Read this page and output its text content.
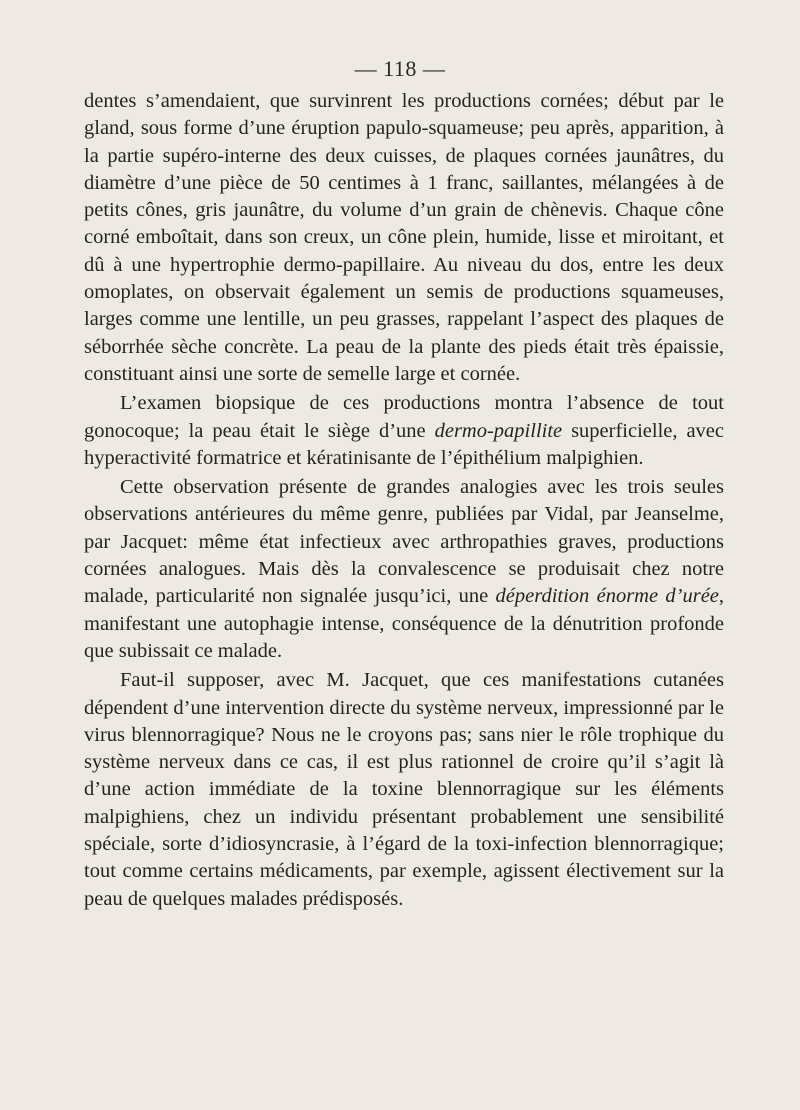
— 118 —

dentes s’amendaient, que survinrent les productions cornées; début par le gland, sous forme d’une éruption papulo-squameuse; peu après, apparition, à la partie supéro-interne des deux cuisses, de plaques cornées jaunâtres, du diamètre d’une pièce de 50 centimes à 1 franc, saillantes, mélangées à de petits cônes, gris jaunâtre, du volume d’un grain de chènevis. Chaque cône corné emboîtait, dans son creux, un cône plein, humide, lisse et miroitant, et dû à une hypertrophie dermo-papillaire. Au niveau du dos, entre les deux omoplates, on observait également un semis de productions squameuses, larges comme une lentille, un peu grasses, rappelant l’aspect des plaques de séborrhée sèche concrète. La peau de la plante des pieds était très épaissie, constituant ainsi une sorte de semelle large et cornée.

L’examen biopsique de ces productions montra l’absence de tout gonocoque; la peau était le siège d’une dermo-papillite superficielle, avec hyperactivité formatrice et kératinisante de l’épithélium malpighien.

Cette observation présente de grandes analogies avec les trois seules observations antérieures du même genre, publiées par Vidal, par Jeanselme, par Jacquet: même état infectieux avec arthropathies graves, productions cornées analogues. Mais dès la convalescence se produisait chez notre malade, particularité non signalée jusqu’ici, une déperdition énorme d’urée, manifestant une autophagie intense, conséquence de la dénutrition profonde que subissait ce malade.

Faut-il supposer, avec M. Jacquet, que ces manifestations cutanées dépendent d’une intervention directe du système nerveux, impressionné par le virus blennorragique? Nous ne le croyons pas; sans nier le rôle trophique du système nerveux dans ce cas, il est plus rationnel de croire qu’il s’agit là d’une action immédiate de la toxine blennorragique sur les éléments malpighiens, chez un individu présentant probablement une sensibilité spéciale, sorte d’idiosyncrasie, à l’égard de la toxi-infection blennorragique; tout comme certains médicaments, par exemple, agissent électivement sur la peau de quelques malades prédisposés.
